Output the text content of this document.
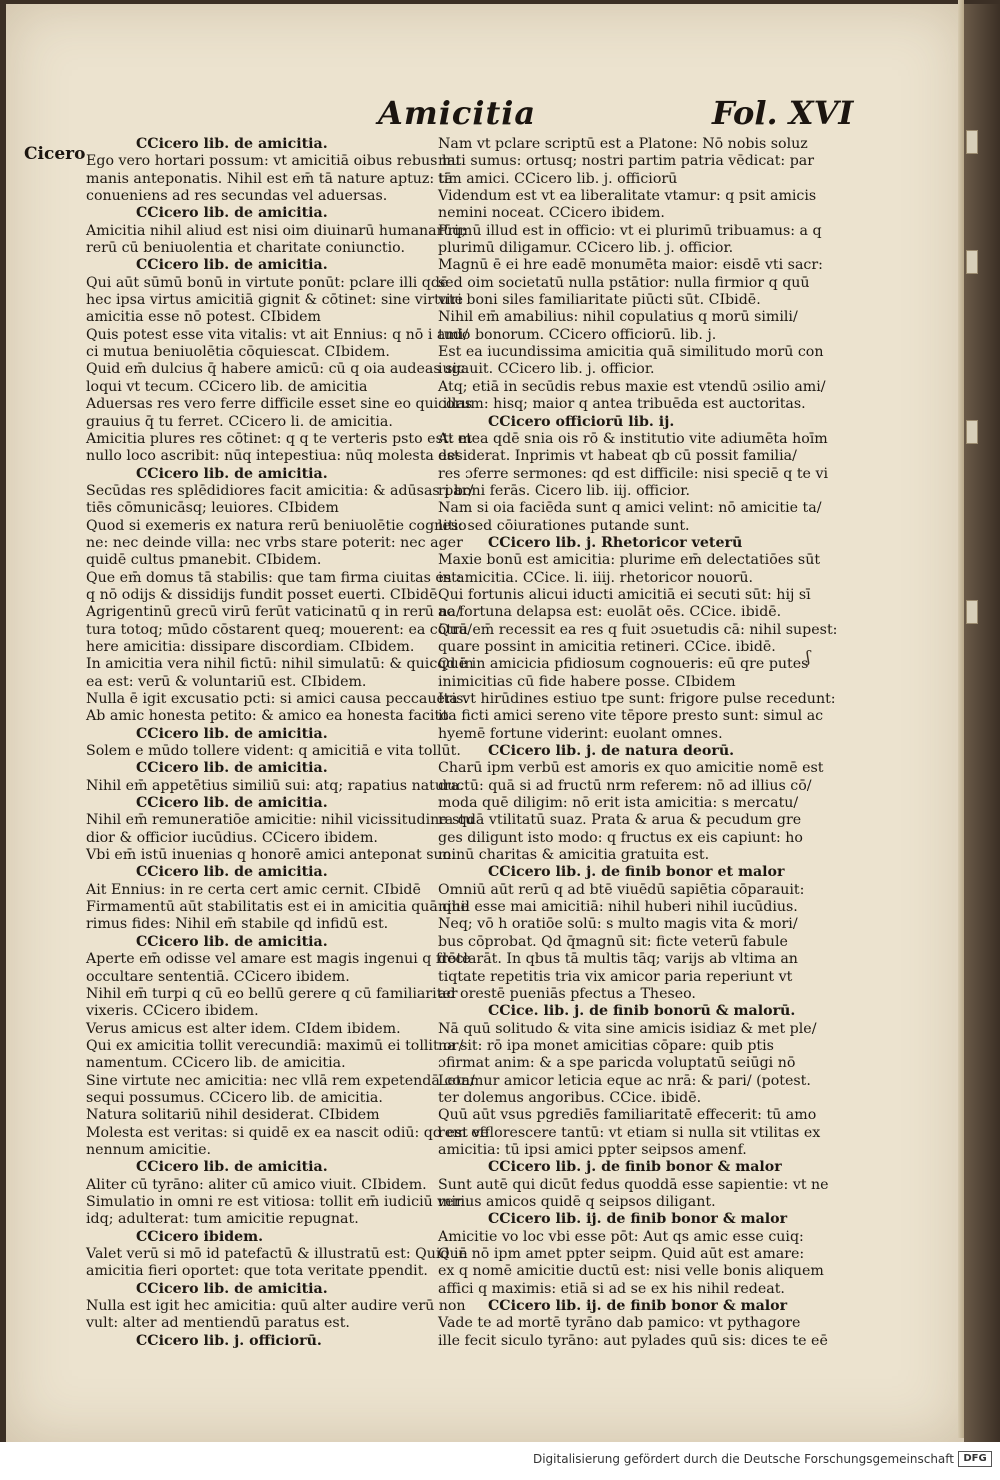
Amicitia	Fol. XVI
Cicero	CCicero lib. de amicitia.
Ego vero hortari possum: vt amicitiā oibus rebus hu
manis anteponatis. Nihil est em̄ tā nature aptuz: tā
conueniens ad res secundas vel aduersas.
CCicero lib. de amicitia.
Amicitia nihil aliud est nisi oim diuinarū humanarūq;
rerū cū beniuolentia et charitate coniunctio.
CCicero lib. de amicitia.
Qui aūt sūmū bonū in virtute ponūt: pclare illi qdē
hec ipsa virtus amicitiā gignit & cōtinet: sine virtute
amicitia esse nō potest. CIbidem
Quis potest esse vita vitalis: vt ait Ennius: q nō i ami/
ci mutua beniuolētia cōquiescat. CIbidem.
Quid em̄ dulcius q̄ habere amicū: cū q oia audeas sic
loqui vt tecum. CCicero lib. de amicitia
Aduersas res vero ferre difficile esset sine eo qui illas
grauius q̄ tu ferret. CCicero li. de amicitia.
Amicitia plures res cōtinet: q q te verteris psto est: et
nullo loco ascribit: nūq intepestiua: nūq molesta est
CCicero lib. de amicitia.
Secūdas res splēdidiores facit amicitia: & adūsas par/
tiēs cōmunicāsq; leuiores. CIbidem
Quod si exemeris ex natura rerū beniuolētie cognitio
ne: nec deinde villa: nec vrbs stare poterit: nec ager
quidē cultus pmanebit. CIbidem.
Que em̄ domus tā stabilis: que tam firma ciuitas est:
q nō odijs & dissidijs fundit posset euerti. CIbidē
Agrigentinū grecū virū ferūt vaticinatū q in rerū na/
tura totoq; mūdo cōstarent queq; mouerent: ea cōtra/
here amicitia: dissipare discordiam. CIbidem.
In amicitia vera nihil fictū: nihil simulatū: & quicqd in
ea est: verū & voluntariū est. CIbidem.
Nulla ē igit excusatio pcti: si amici causa peccaueris.
Ab amic honesta petito: & amico ea honesta facito
CCicero lib. de amicitia.
Solem e mūdo tollere vident: q amicitiā e vita tollūt.
CCicero lib. de amicitia.
Nihil em̄ appetētius similiū sui: atq; rapatius natura.
CCicero lib. de amicitia.
Nihil em̄ remuneratiōe amicitie: nihil vicissitudine stu
dior & officior iucūdius. CCicero ibidem.
Vbi em̄ istū inuenias q honorē amici anteponat suo:
CCicero lib. de amicitia.
Ait Ennius: in re certa cert amic cernit. CIbidē
Firmamentū aūt stabilitatis est ei in amicitia quā que
rimus fides: Nihil em̄ stabile qd infidū est.
CCicero lib. de amicitia.
Aperte em̄ odisse vel amare est magis ingenui q frōte
occultare sententiā. CCicero ibidem.
Nihil em̄ turpi q cū eo bellū gerere q cū familiariter
vixeris. CCicero ibidem.
Verus amicus est alter idem. CIdem ibidem.
Qui ex amicitia tollit verecundiā: maximū ei tollit or/
namentum. CCicero lib. de amicitia.
Sine virtute nec amicitia: nec vllā rem expetendā con/
sequi possumus. CCicero lib. de amicitia.
Natura solitariū nihil desiderat. CIbidem
Molesta est veritas: si quidē ex ea nascit odiū: qd est ve
nennum amicitie.
CCicero lib. de amicitia.
Aliter cū tyrāno: aliter cū amico viuit. CIbidem.
Simulatio in omni re est vitiosa: tollit em̄ iudiciū veri:
idq; adulterat: tum amicitie repugnat.
CCicero ibidem.
Valet verū si mō id patefactū & illustratū est: Quid in
amicitia fieri oportet: que tota veritate ppendit.
CCicero lib. de amicitia.
Nulla est igit hec amicitia: quū alter audire verū non
vult: alter ad mentiendū paratus est.
CCicero lib. j. officiorū.
Nam vt pclare scriptū est a Platone: Nō nobis soluz
nati sumus: ortusq; nostri partim patria vēdicat: par
tim amici. CCicero lib. j. officiorū
Videndum est vt ea liberalitate vtamur: q psit amicis
nemini noceat. CCicero ibidem.
Primū illud est in officio: vt ei plurimū tribuamus: a q
plurimū diligamur. CCicero lib. j. officior.
Magnū ē ei hre eadē monumēta maior: eisdē vti sacr:
sed oim societatū nulla pstātior: nulla firmior q quū
viri boni siles familiaritate piūcti sūt. CIbidē.
Nihil em̄ amabilius: nihil copulatius q morū simili/
tudo bonorum. CCicero officiorū. lib. j.
Est ea iucundissima amicitia quā similitudo morū con
iugauit. CCicero lib. j. officior.
Atq; etiā in secūdis rebus maxie est vtendū ɔsilio ami/
corum: hisq; maior q antea tribuēda est auctoritas.
CCicero officiorū lib. ij.
At mea qdē snia ois rō & institutio vite adiumēta hoīm
desiderat. Inprimis vt habeat qb cū possit familia/
res ɔferre sermones: qd est difficile: nisi speciē q te vi
ri boni ferās. Cicero lib. iij. officior.
Nam si oia faciēda sunt q amici velint: nō amicitie ta/
les: sed cōiurationes putande sunt.
CCicero lib. j. Rhetoricor veterū
Maxie bonū est amicitia: plurime em̄ delectatiōes sūt
in amicitia. CCice. li. iiij. rhetoricor nouorū.
Qui fortunis alicui iducti amicitiā ei secuti sūt: hij sī
ac fortuna delapsa est: euolāt oēs. CCice. ibidē.
Quū em̄ recessit ea res q fuit ɔsuetudis cā: nihil supest:
quare possint in amicitia retineri. CCice. ibidē.
Quē in amicicia pfidiosum cognoueris: eū qre putes
inimicitias cū fide habere posse. CIbidem
Ita vt hirūdines estiuo tpe sunt: frigore pulse recedunt:
ita ficti amici sereno vite tēpore presto sunt: simul ac
hyemē fortune viderint: euolant omnes.
CCicero lib. j. de natura deorū.
Charū ipm verbū est amoris ex quo amicitie nomē est
ductū: quā si ad fructū nrm referem: nō ad illius cō/
moda quē diligim: nō erit ista amicitia: s mercatu/
ra qdā vtilitatū suaz. Prata & arua & pecudum gre
ges diligunt isto modo: q fructus ex eis capiunt: ho
minū charitas & amicitia gratuita est.
CCicero lib. j. de finib bonor et malor
Omniū aūt rerū q ad btē viuēdū sapiētia cōparauit:
nihil esse mai amicitiā: nihil huberi nihil iucūdius.
Neq; vō h oratiōe solū: s multo magis vita & mori/
bus cōprobat. Qd q̄magnū sit: ficte veterū fabule
declarāt. In qbus tā multis tāq; varijs ab vltima an
tiqtate repetitis tria vix amicor paria reperiunt vt
ad orestē pueniās pfectus a Theseo.
CCice. lib. j. de finib bonorū & malorū.
Nā quū solitudo & vita sine amicis isidiaz & met ple/
na sit: rō ipa monet amicitias cōpare: quib ptis
ɔfirmat anim: & a spe paricda voluptatū seiūgi nō
Letamur amicor leticia eque ac nrā: & pari/ (potest.
ter dolemus angoribus. CCice. ibidē.
Quū aūt vsus pgrediēs familiaritatē effecerit: tū amo
rem efflorescere tantū: vt etiam si nulla sit vtilitas ex
amicitia: tū ipsi amici ppter seipsos amenf.
CCicero lib. j. de finib bonor & malor
Sunt autē qui dicūt fedus quoddā esse sapientie: vt ne
minus amicos quidē q seipsos diligant.
CCicero lib. ij. de finib bonor & malor
Amicitie vo loc vbi esse pōt: Aut qs amic esse cuiq:
Quē nō ipm amet ppter seipm. Quid aūt est amare:
ex q nomē amicitie ductū est: nisi velle bonis aliquem
affici q maximis: etiā si ad se ex his nihil redeat.
CCicero lib. ij. de finib bonor & malor
Vade te ad mortē tyrāno dab pamico: vt pythagore
ille fecit siculo tyrāno: aut pylades quū sis: dices te eē
ʃ
Digitalisierung gefördert durch die Deutsche Forschungsgemeinschaft DFG
